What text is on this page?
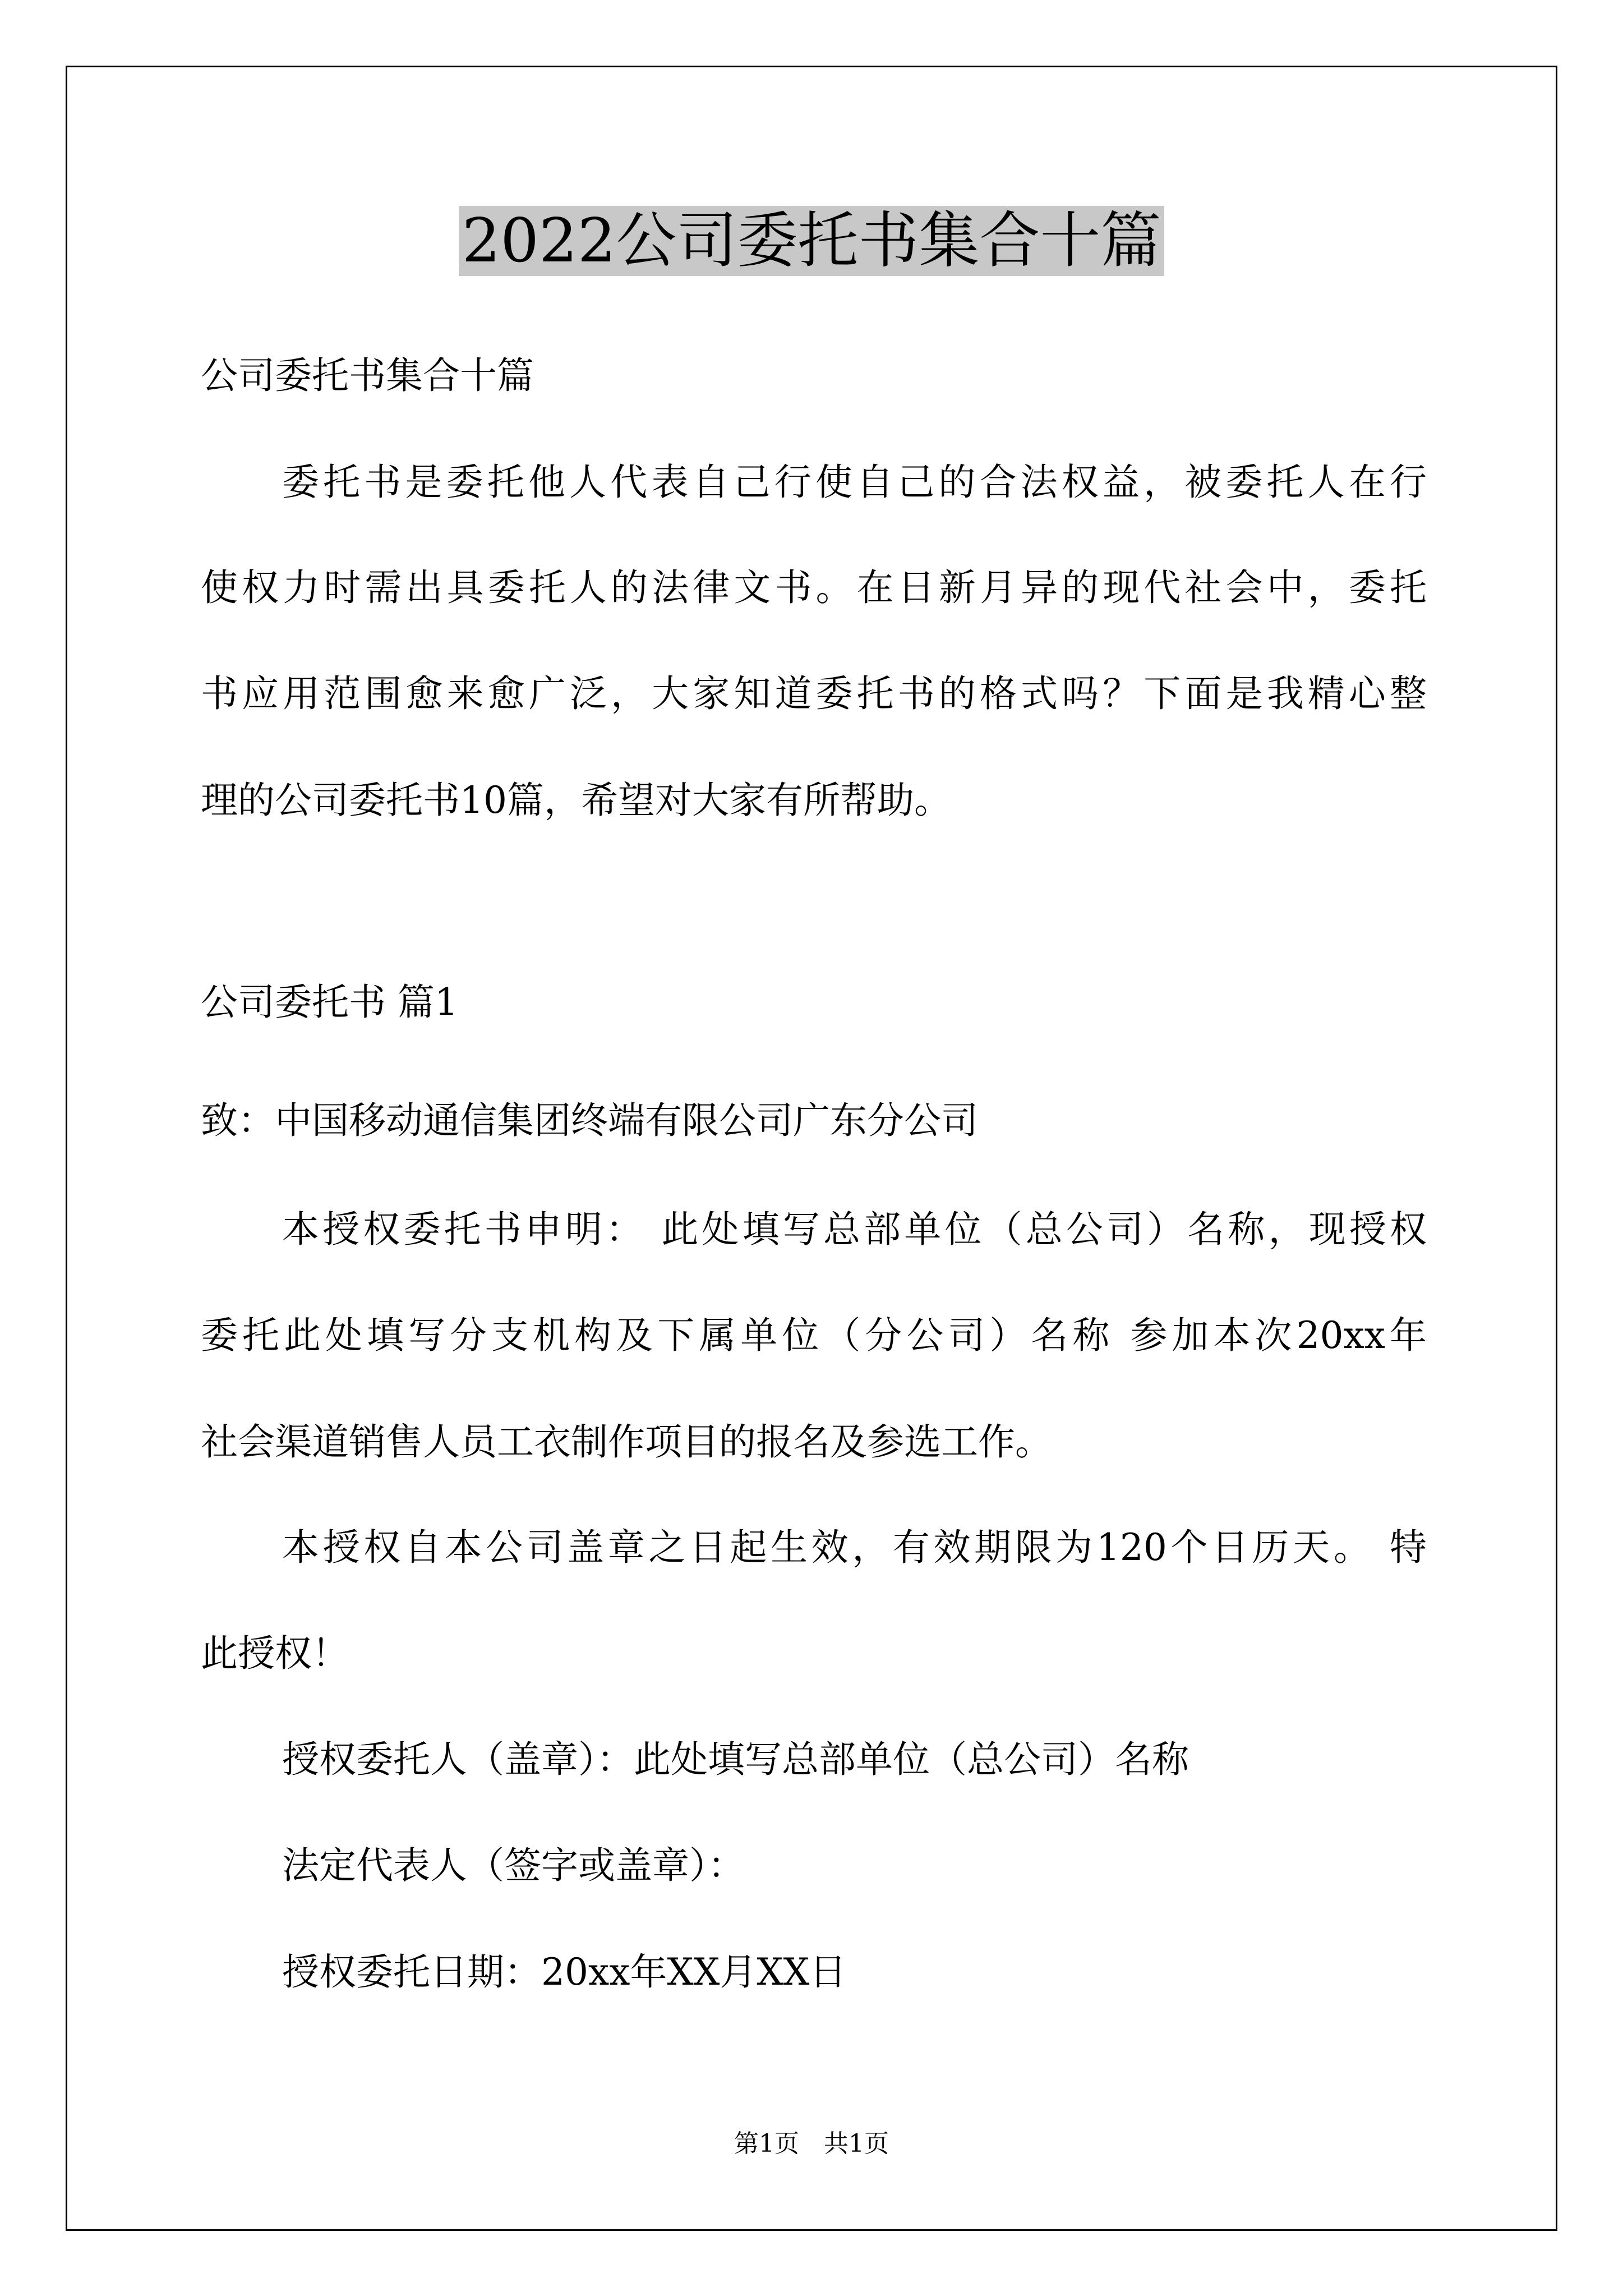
2022公司委托书集合十篇
公司委托书集合十篇
委托书是委托他人代表自己行使自己的合法权益，被委托人在行
使权力时需出具委托人的法律文书。在日新月异的现代社会中，委托
书应用范围愈来愈广泛，大家知道委托书的格式吗？下面是我精心整
理的公司委托书10篇，希望对大家有所帮助。
公司委托书 篇1
致：中国移动通信集团终端有限公司广东分公司
本授权委托书申明： 此处填写总部单位（总公司）名称，现授权
委托此处填写分支机构及下属单位（分公司）名称 参加本次20xx年
社会渠道销售人员工衣制作项目的报名及参选工作。
本授权自本公司盖章之日起生效，有效期限为120个日历天。 特
此授权！
授权委托人（盖章）：此处填写总部单位（总公司）名称
法定代表人（签字或盖章）：
授权委托日期：20xx年XX月XX日
第1页　共1页
